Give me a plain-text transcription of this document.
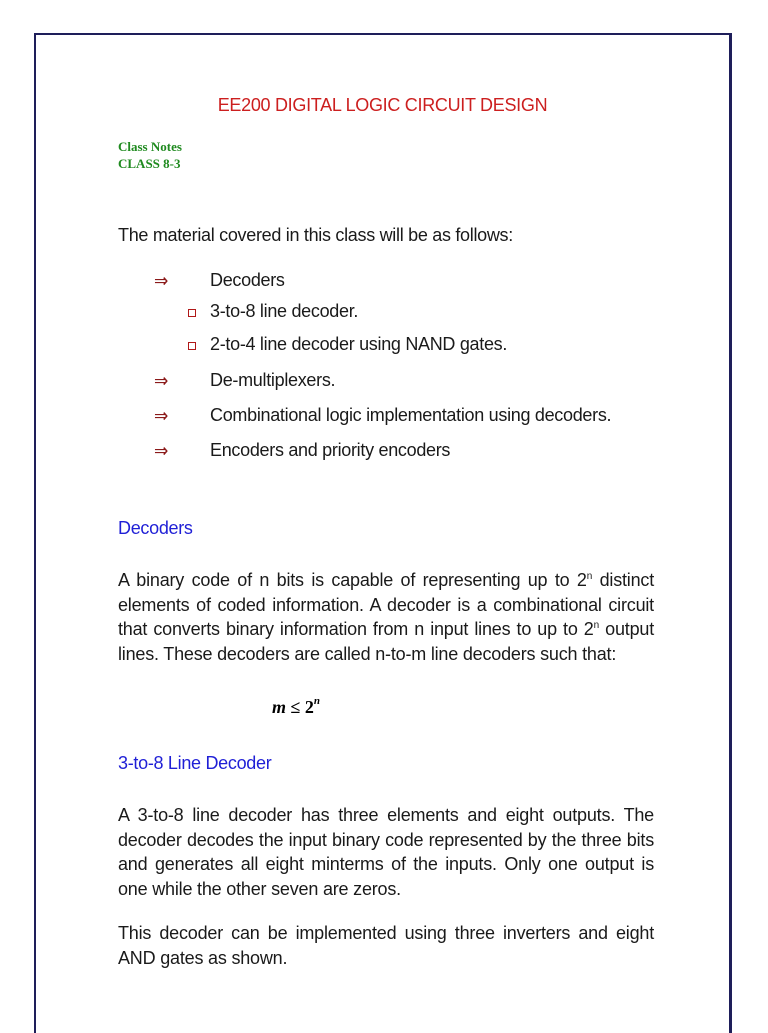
EE200 DIGITAL LOGIC CIRCUIT DESIGN
Class Notes
CLASS 8-3
The material covered in this class will be as follows:
⇒ Decoders
3-to-8 line decoder.
2-to-4 line decoder using NAND gates.
⇒ De-multiplexers.
⇒ Combinational logic implementation using decoders.
⇒ Encoders and priority encoders
Decoders
A binary code of n bits is capable of representing up to 2$^n$ distinct elements of coded information. A decoder is a combinational circuit that converts binary information from n input lines to up to 2$^n$ output lines. These decoders are called n-to-m line decoders such that:
$m \le 2^n$
3-to-8 Line Decoder
A 3-to-8 line decoder has three elements and eight outputs. The decoder decodes the input binary code represented by the three bits and generates all eight minterms of the inputs. Only one output is one while the other seven are zeros.
This decoder can be implemented using three inverters and eight AND gates as shown.
